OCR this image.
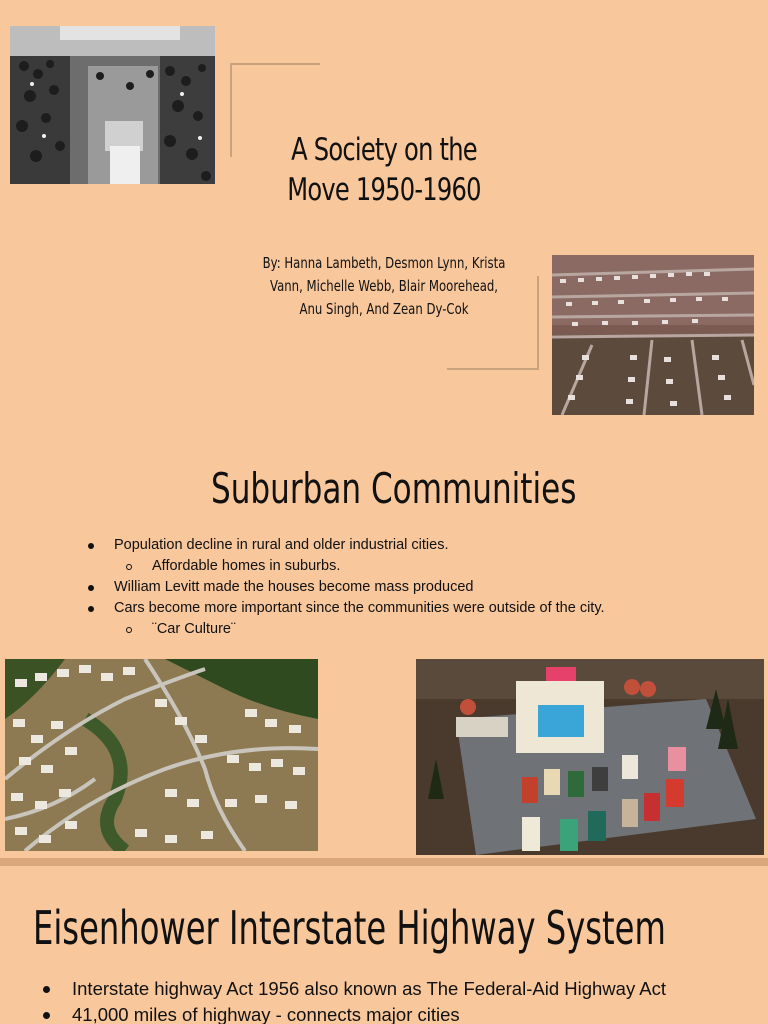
A Society on the
Move 1950-1960
By: Hanna Lambeth, Desmon Lynn, Krista
Vann, Michelle Webb, Blair Moorehead,
Anu Singh, And Zean Dy-Cok
Suburban Communities
Population decline in rural and older industrial cities.
Affordable homes in suburbs.
William Levitt made the houses become mass produced
Cars become more important since the communities were outside of the city.
¨Car Culture¨
Eisenhower Interstate Highway System
Interstate highway Act 1956 also known as The Federal-Aid Highway Act
41,000 miles of highway - connects major cities
